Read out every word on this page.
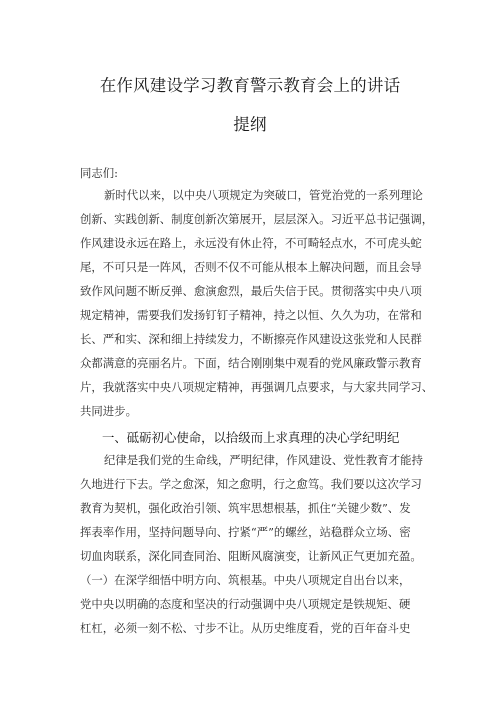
在作风建设学习教育警示教育会上的讲话
提纲
同志们:
新时代以来，以中央八项规定为突破口，管党治党的一系列理论
创新、实践创新、制度创新次第展开，层层深入。习近平总书记强调，
作风建设永远在路上，永远没有休止符，不可畸轻点水，不可虎头蛇
尾，不可只是一阵风，否则不仅不可能从根本上解决问题，而且会导
致作风问题不断反弹、愈演愈烈，最后失信于民。贯彻落实中央八项
规定精神，需要我们发扬钉钉子精神，持之以恒、久久为功，在常和
长、严和实、深和细上持续发力，不断擦亮作风建设这张党和人民群
众都满意的亮丽名片。下面，结合刚刚集中观看的党风廉政警示教育
片，我就落实中央八项规定精神，再强调几点要求，与大家共同学习、
共同进步。
一、砥砺初心使命，以拾级而上求真理的决心学纪明纪
纪律是我们党的生命线，严明纪律，作风建设、党性教育才能持
久地进行下去。学之愈深，知之愈明，行之愈笃。我们要以这次学习
教育为契机，强化政治引领、筑牢思想根基，抓住“关键少数”、发
挥表率作用，坚持问题导向、拧紧“严”的螺丝，站稳群众立场、密
切血肉联系，深化同查同治、阻断风腐演变，让新风正气更加充盈。
（一）在深学细悟中明方向、筑根基。中央八项规定自出台以来，
党中央以明确的态度和坚决的行动强调中央八项规定是铁规矩、硬
杠杠，必须一刻不松、寸步不让。从历史维度看，党的百年奋斗史
